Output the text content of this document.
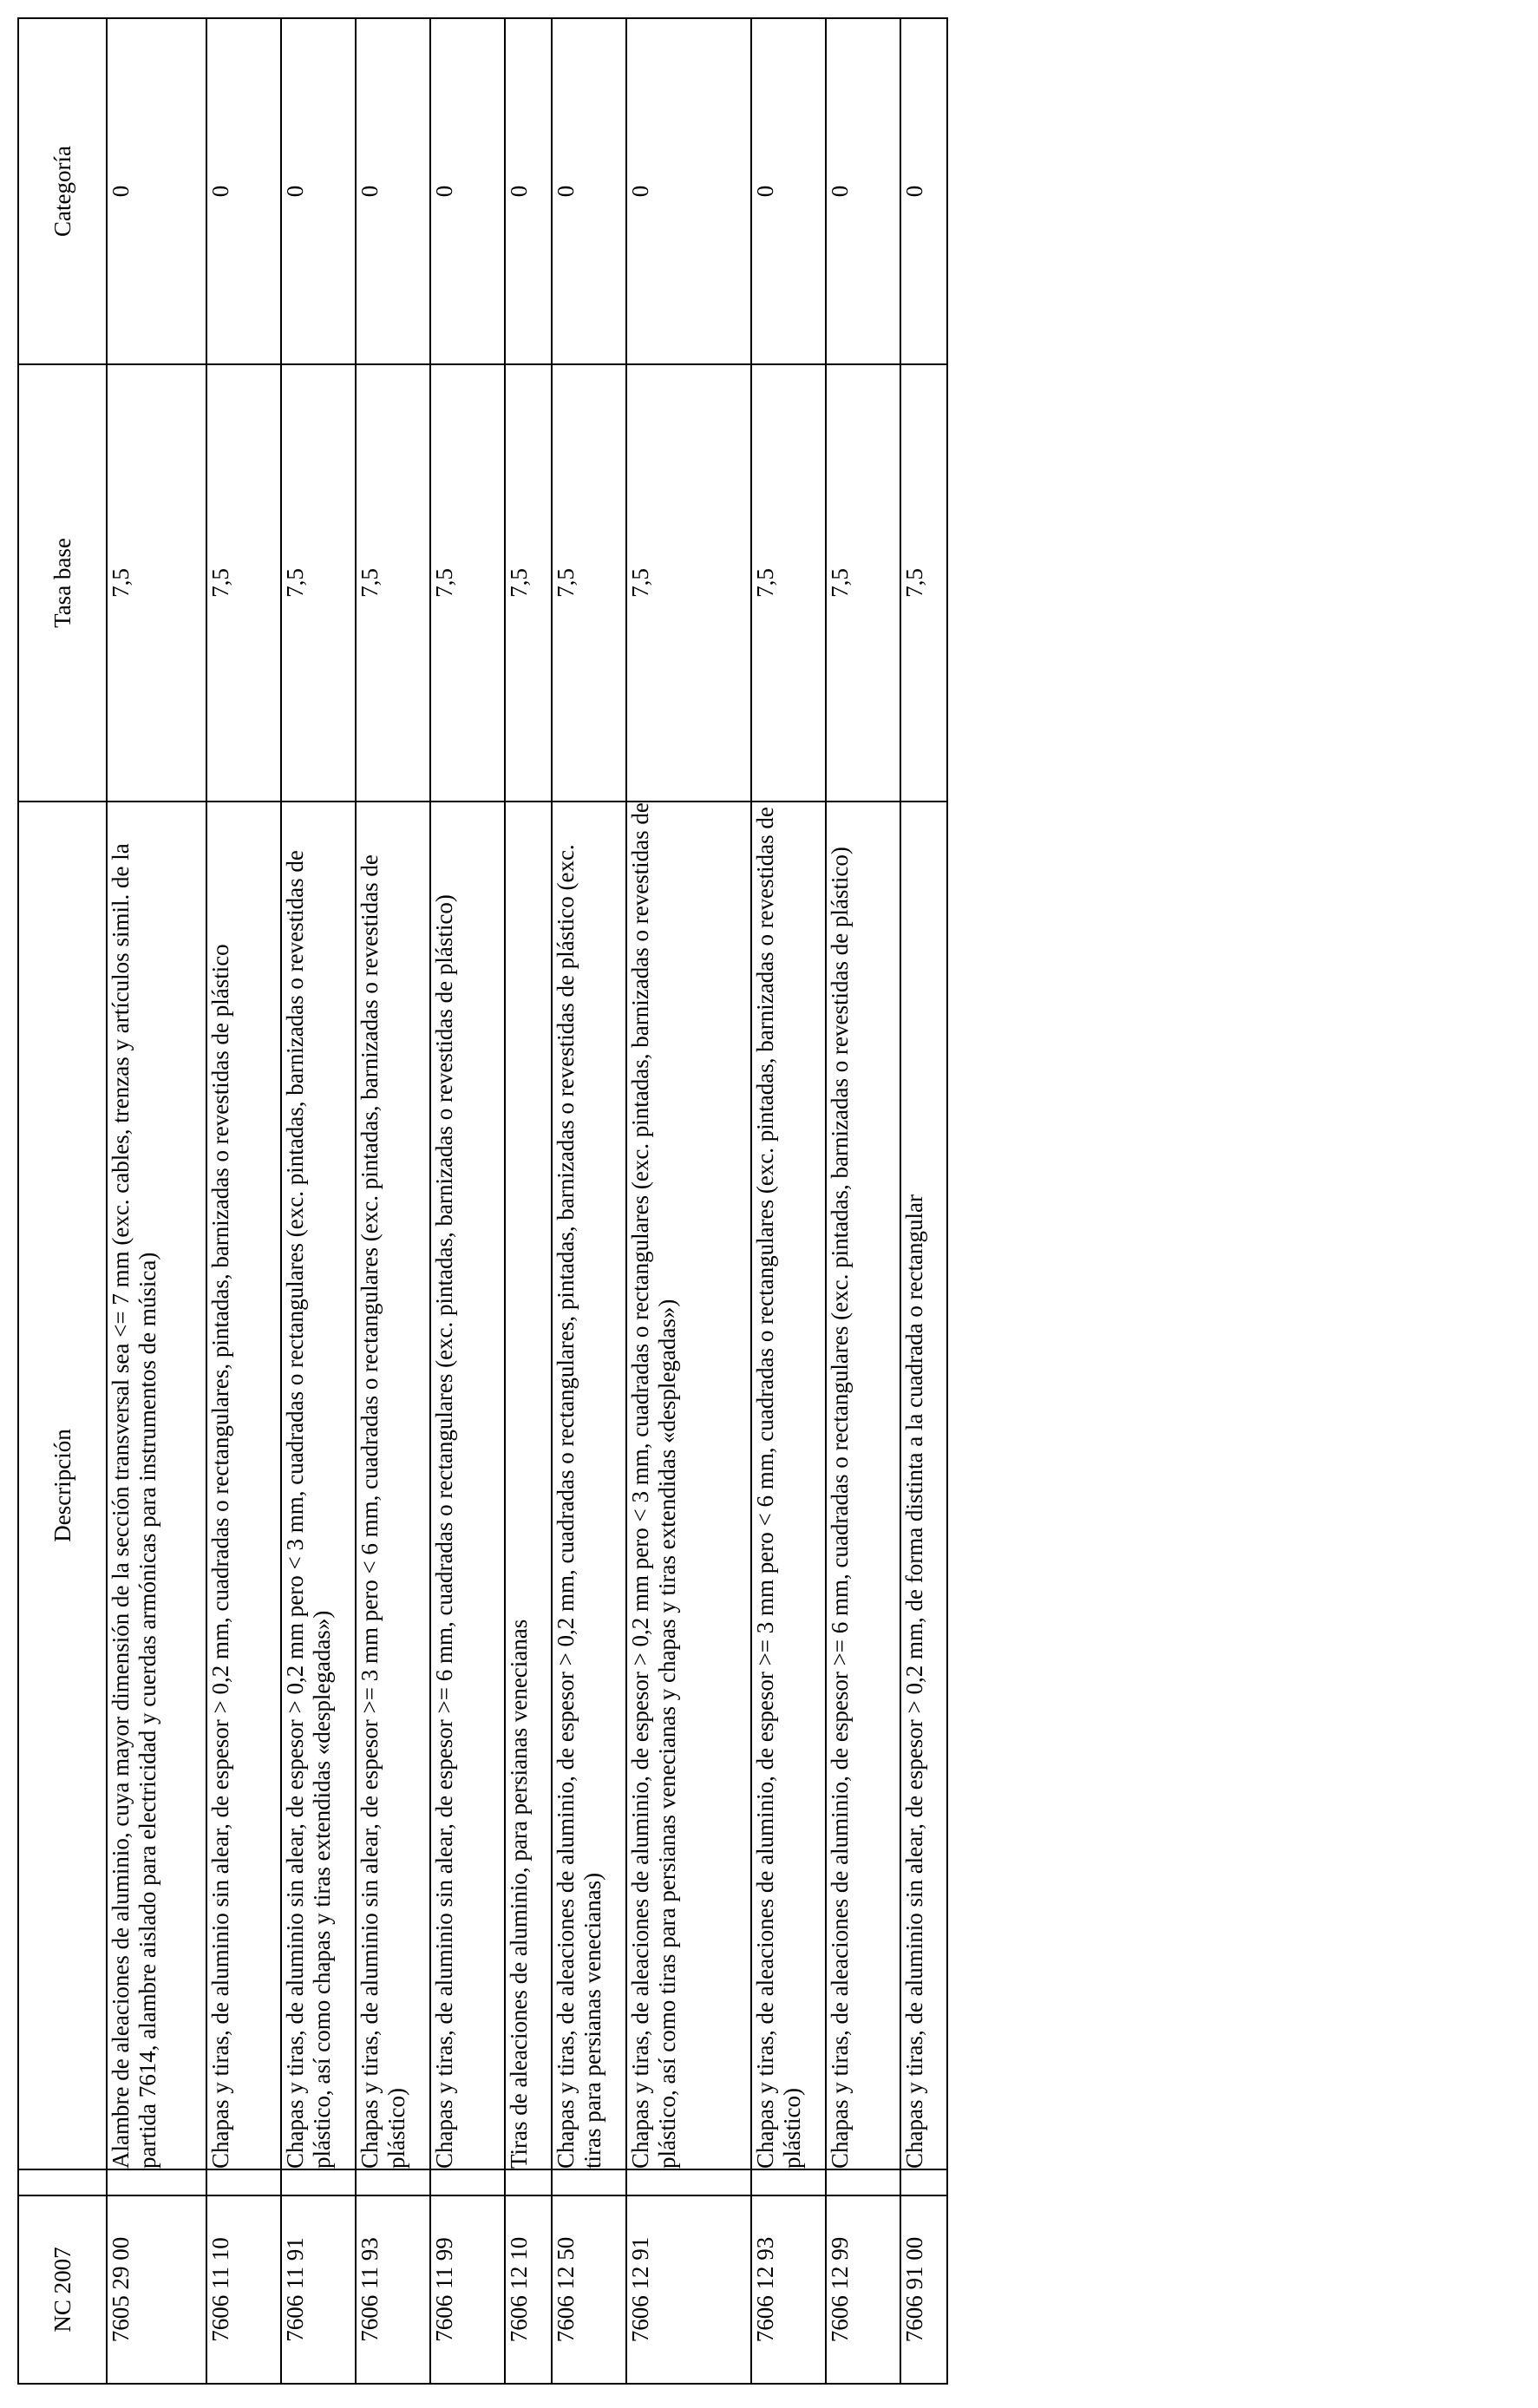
NC 2007		Descripción	Tasa base	Categoría
7605 29 00		Alambre de aleaciones de aluminio, cuya mayor dimensión de la sección transversal sea <= 7 mm (exc. cables, trenzas y artículos simil. de la partida 7614, alambre aislado para electricidad y cuerdas armónicas para instrumentos de música)	7,5	0
7606 11 10		Chapas y tiras, de aluminio sin alear, de espesor > 0,2 mm, cuadradas o rectangulares, pintadas, barnizadas o revestidas de plástico	7,5	0
7606 11 91		Chapas y tiras, de aluminio sin alear, de espesor > 0,2 mm pero < 3 mm, cuadradas o rectangulares (exc. pintadas, barnizadas o revestidas de plástico, así como chapas y tiras extendidas «desplegadas»)	7,5	0
7606 11 93		Chapas y tiras, de aluminio sin alear, de espesor >= 3 mm pero < 6 mm, cuadradas o rectangulares (exc. pintadas, barnizadas o revestidas de plástico)	7,5	0
7606 11 99		Chapas y tiras, de aluminio sin alear, de espesor >= 6 mm, cuadradas o rectangulares (exc. pintadas, barnizadas o revestidas de plástico)	7,5	0
7606 12 10		Tiras de aleaciones de aluminio, para persianas venecianas	7,5	0
7606 12 50		Chapas y tiras, de aleaciones de aluminio, de espesor > 0,2 mm, cuadradas o rectangulares, pintadas, barnizadas o revestidas de plástico (exc. tiras para persianas venecianas)	7,5	0
7606 12 91		Chapas y tiras, de aleaciones de aluminio, de espesor > 0,2 mm pero < 3 mm, cuadradas o rectangulares (exc. pintadas, barnizadas o revestidas de plástico, así como tiras para persianas venecianas y chapas y tiras extendidas «desplegadas»)	7,5	0
7606 12 93		Chapas y tiras, de aleaciones de aluminio, de espesor >= 3 mm pero < 6 mm, cuadradas o rectangulares (exc. pintadas, barnizadas o revestidas de plástico)	7,5	0
7606 12 99		Chapas y tiras, de aleaciones de aluminio, de espesor >= 6 mm, cuadradas o rectangulares (exc. pintadas, barnizadas o revestidas de plástico)	7,5	0
7606 91 00		Chapas y tiras, de aluminio sin alear, de espesor > 0,2 mm, de forma distinta a la cuadrada o rectangular	7,5	0
